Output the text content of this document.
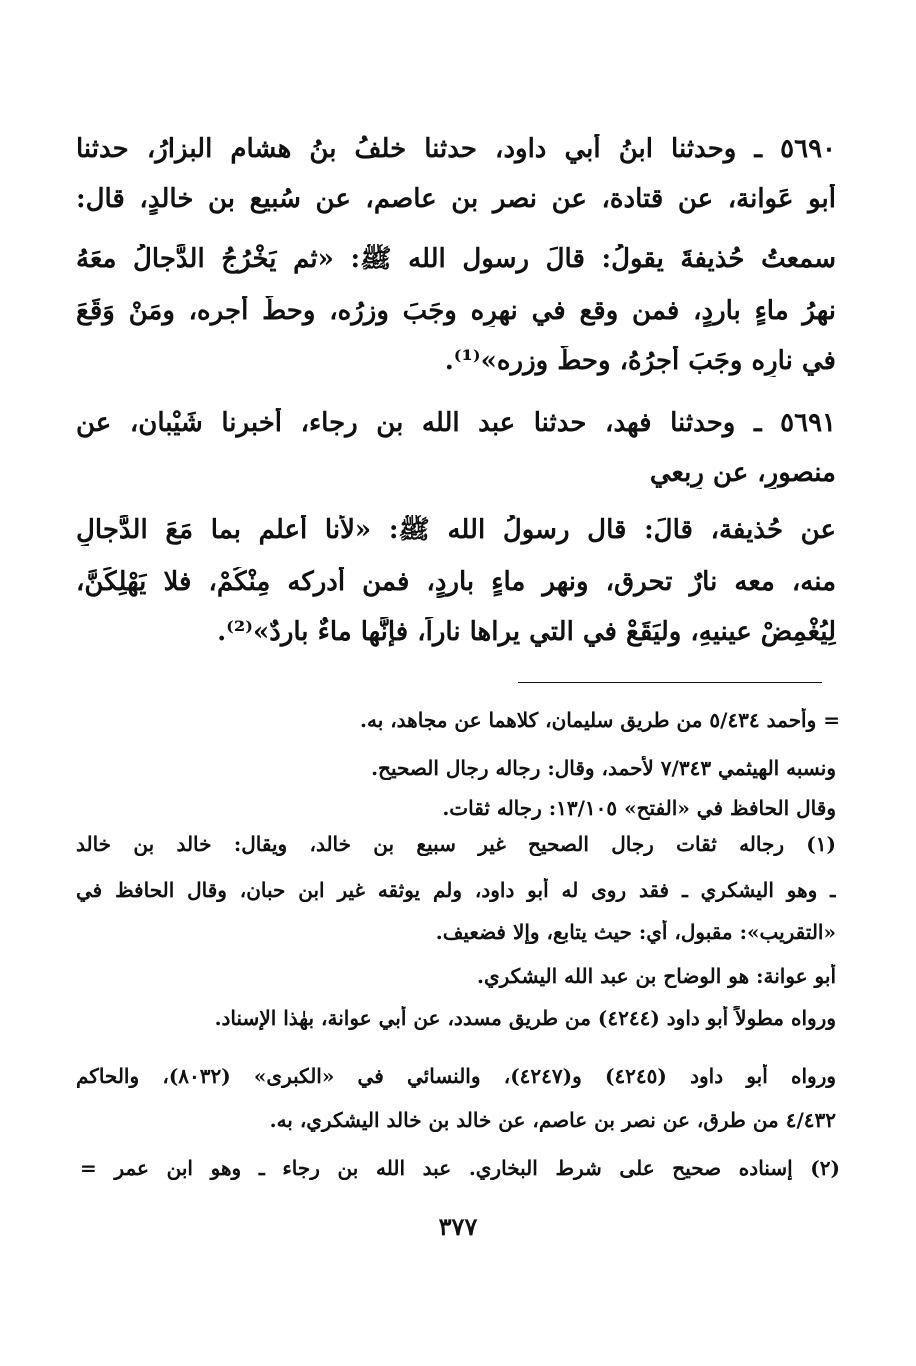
٥٦٩٠ ـ وحدثنا ابنُ أبي داود، حدثنا خلفُ بنُ هشام البزارُ، حدثنا
أبو عَوانة، عن قتادة، عن نصر بن عاصم، عن سُبيع بن خالدٍ، قال:
سمعتُ حُذيفةَ يقولُ: قالَ رسول الله ﷺ: «ثم يَخْرُجُ الدَّجالُ معَهُ
نهرُ ماءٍ باردٍ، فمن وقع في نهرِه وجَبَ وزرُه، وحطَّ أجره، ومَنْ وَقَعَ
في نارِه وجَبَ أجرُهُ، وحطَّ وزره»⁽¹⁾.
٥٦٩١ ـ وحدثنا فهد، حدثنا عبد الله بن رجاء، أخبرنا شَيْبان، عن
منصورٍ، عن رِبعي
عن حُذيفة، قالَ: قال رسولُ الله ﷺ: «لأنا أعلم بما مَعَ الدَّجالِ
منه، معه نارٌ تحرق، ونهر ماءٍ باردٍ، فمن أدركه مِنْكُمْ، فلا يَهْلِكَنَّ،
لِيُغْمِضْ عينيهِ، وليَقَعْ في التي يراها ناراً، فإنَّها ماءٌ باردٌ»⁽²⁾.
= وأحمد ٥/٤٣٤ من طريق سليمان، كلاهما عن مجاهد، به.
ونسبه الهيثمي ٧/٣٤٣ لأحمد، وقال: رجاله رجال الصحيح.
وقال الحافظ في «الفتح» ١٣/١٠٥: رجاله ثقات.
(١) رجاله ثقات رجال الصحيح غير سبيع بن خالد، ويقال: خالد بن خالد
ـ وهو اليشكري ـ فقد روى له أبو داود، ولم يوثقه غير ابن حبان، وقال الحافظ في
«التقريب»: مقبول، أي: حيث يتابع، وإلا فضعيف.
أبو عوانة: هو الوضاح بن عبد الله اليشكري.
ورواه مطولاً أبو داود (٤٢٤٤) من طريق مسدد، عن أبي عوانة، بهٰذا الإسناد.
ورواه أبو داود (٤٢٤٥) و(٤٢٤٧)، والنسائي في «الكبرى» (٨٠٣٢)، والحاكم
٤/٤٣٢ من طرق، عن نصر بن عاصم، عن خالد بن خالد اليشكري، به.
(٢) إسناده صحيح على شرط البخاري. عبد الله بن رجاء ـ وهو ابن عمر =
٣٧٧
